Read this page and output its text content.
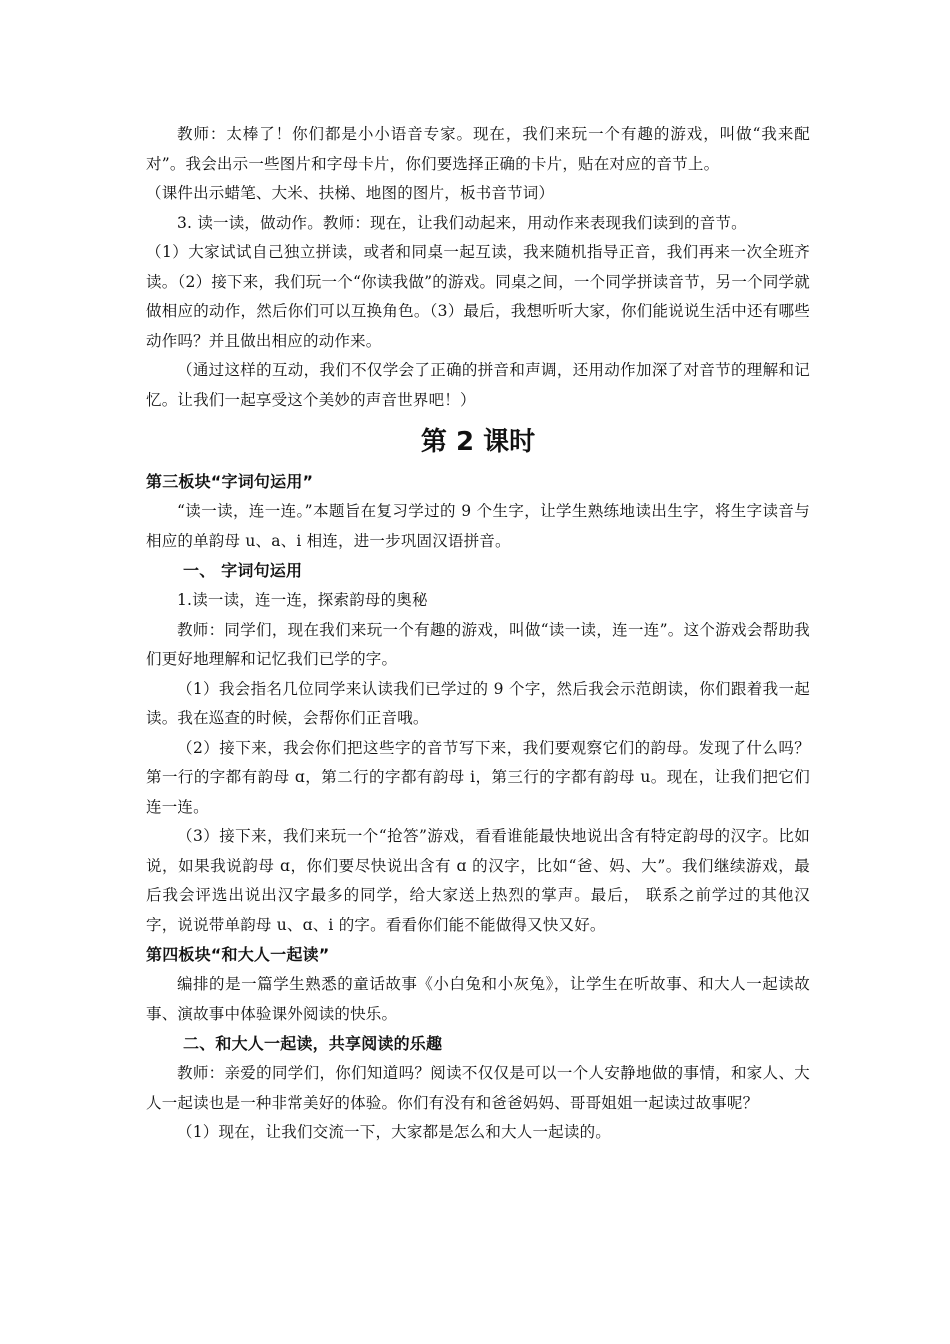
教师：太棒了！你们都是小小语音专家。现在，我们来玩一个有趣的游戏，叫做“我来配对”。我会出示一些图片和字母卡片，你们要选择正确的卡片，贴在对应的音节上。

（课件出示蜡笔、大米、扶梯、地图的图片，板书音节词）

3. 读一读，做动作。教师：现在，让我们动起来，用动作来表现我们读到的音节。

（1）大家试试自己独立拼读，或者和同桌一起互读，我来随机指导正音，我们再来一次全班齐读。（2）接下来，我们玩一个“你读我做”的游戏。同桌之间，一个同学拼读音节，另一个同学就做相应的动作，然后你们可以互换角色。（3）最后，我想听听大家，你们能说说生活中还有哪些动作吗？并且做出相应的动作来。

（通过这样的互动，我们不仅学会了正确的拼音和声调，还用动作加深了对音节的理解和记忆。让我们一起享受这个美妙的声音世界吧！）

第 2 课时

第三板块“字词句运用”

“读一读，连一连。”本题旨在复习学过的 9 个生字，让学生熟练地读出生字，将生字读音与相应的单韵母 u、a、i 相连，进一步巩固汉语拼音。

一、 字词句运用

1.读一读，连一连，探索韵母的奥秘

教师：同学们，现在我们来玩一个有趣的游戏，叫做“读一读，连一连”。这个游戏会帮助我们更好地理解和记忆我们已学的字。

（1）我会指名几位同学来认读我们已学过的 9 个字，然后我会示范朗读，你们跟着我一起读。我在巡查的时候，会帮你们正音哦。

（2）接下来，我会你们把这些字的音节写下来，我们要观察它们的韵母。发现了什么吗？第一行的字都有韵母 ɑ，第二行的字都有韵母 i，第三行的字都有韵母 u。现在，让我们把它们连一连。

（3）接下来，我们来玩一个“抢答”游戏，看看谁能最快地说出含有特定韵母的汉字。比如说，如果我说韵母 ɑ，你们要尽快说出含有 ɑ 的汉字，比如“爸、妈、大”。我们继续游戏，最后我会评选出说出汉字最多的同学，给大家送上热烈的掌声。最后， 联系之前学过的其他汉字，说说带单韵母 u、ɑ、i 的字。看看你们能不能做得又快又好。

第四板块“和大人一起读”

编排的是一篇学生熟悉的童话故事《小白兔和小灰兔》，让学生在听故事、和大人一起读故事、演故事中体验课外阅读的快乐。

二、和大人一起读，共享阅读的乐趣

教师：亲爱的同学们，你们知道吗？阅读不仅仅是可以一个人安静地做的事情，和家人、大人一起读也是一种非常美好的体验。你们有没有和爸爸妈妈、哥哥姐姐一起读过故事呢？

（1）现在，让我们交流一下，大家都是怎么和大人一起读的。
